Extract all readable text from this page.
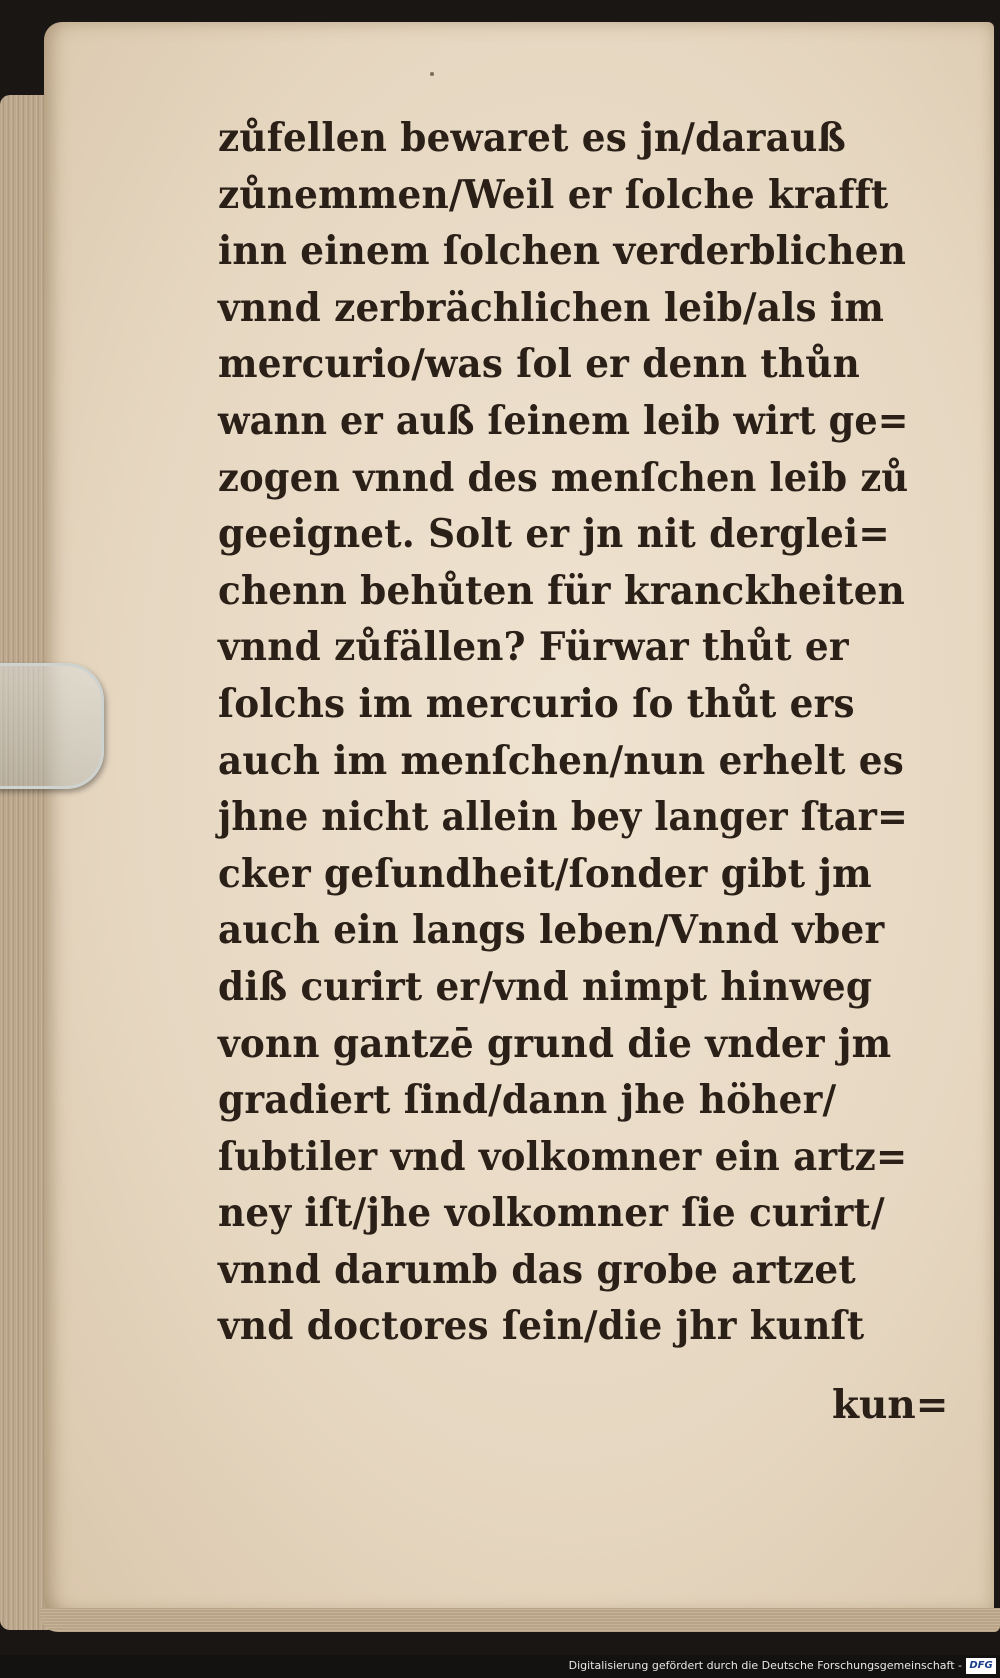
zůfellen bewaret es jn/darauß
zůnemmen/Weil er ſolche krafft
inn einem ſolchen verderblichen
vnnd zerbrächlichen leib/als im
mercurio/was ſol er denn thůn
wann er auß ſeinem leib wirt ge=
zogen vnnd des menſchen leib zů
geeignet. Solt er jn nit derglei=
chenn behůten für kranckheiten
vnnd zůfällen? Fürwar thůt er
ſolchs im mercurio ſo thůt ers
auch im menſchen/nun erhelt es
jhne nicht allein bey langer ſtar=
cker geſundheit/ſonder gibt jm
auch ein langs leben/Vnnd vber
diß curirt er/vnd nimpt hinweg
vonn gantzē grund die vnder jm
gradiert ſind/dann jhe höher/
ſubtiler vnd volkomner ein artz=
ney iſt/jhe volkomner ſie curirt/
vnnd darumb das grobe artzet
vnd doctores ſein/die jhr kunſt
kun=
Digitalisierung gefördert durch die Deutsche Forschungsgemeinschaft - DFG
